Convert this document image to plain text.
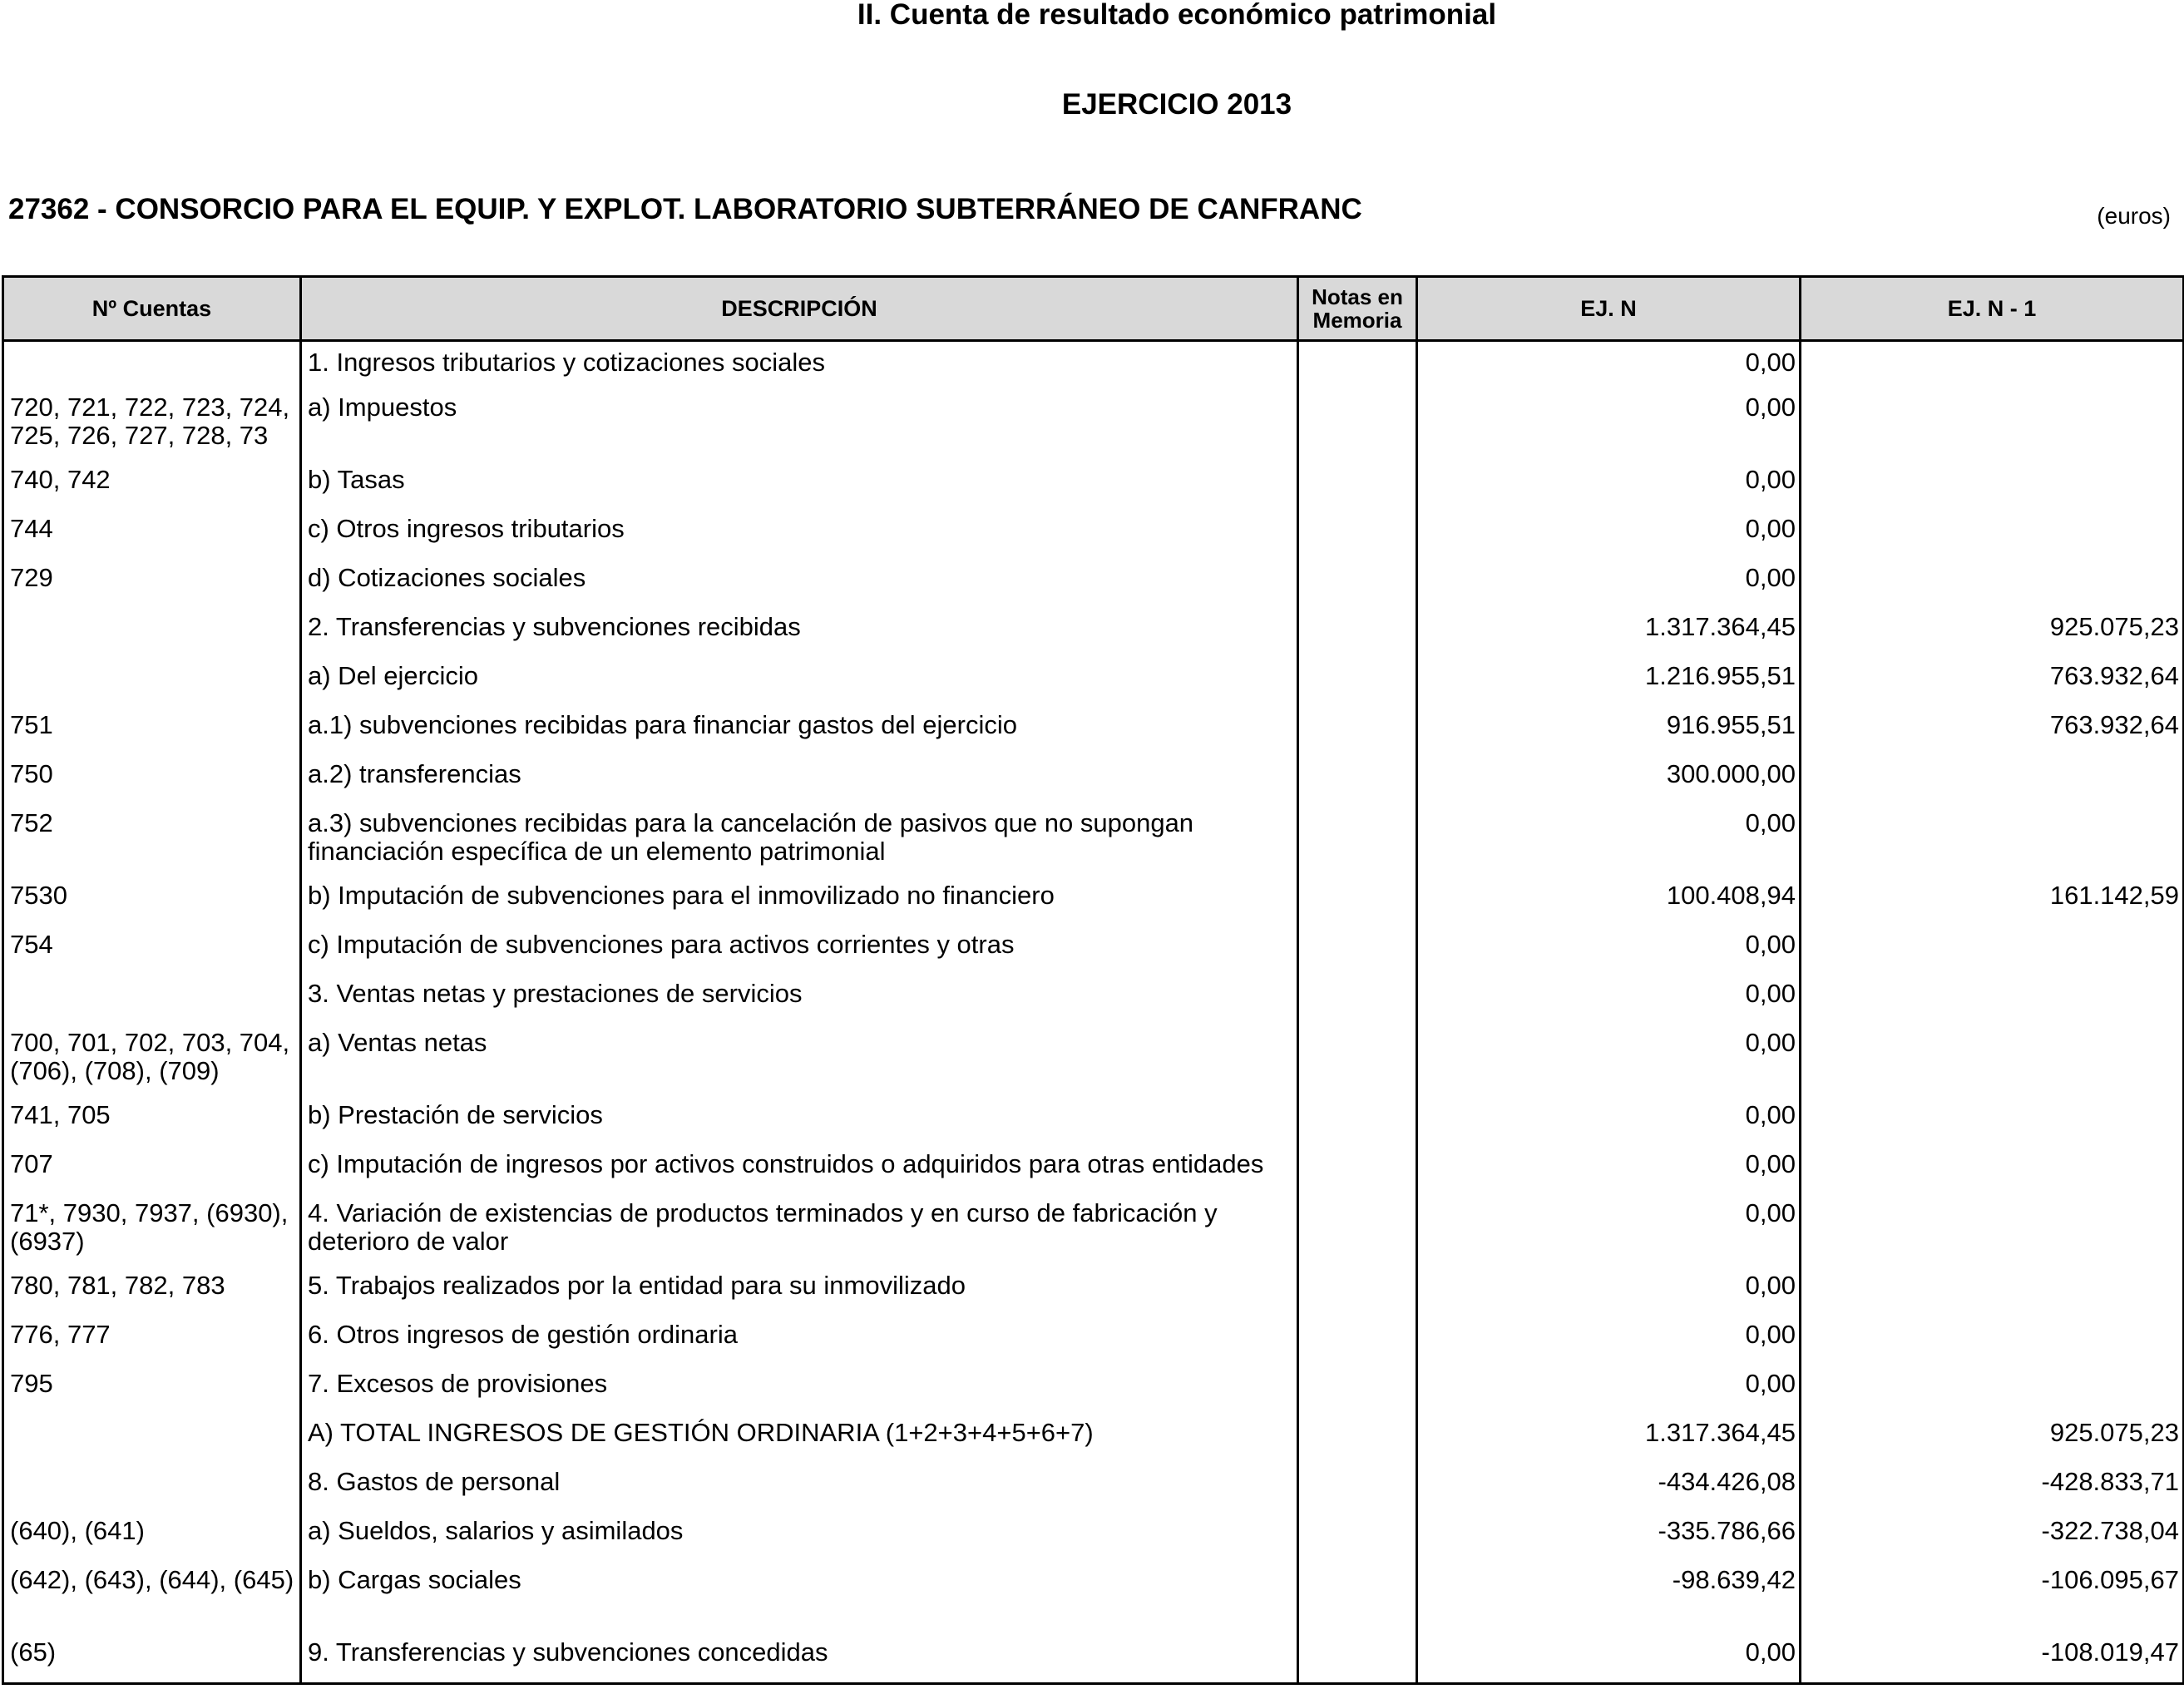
II. Cuenta de resultado económico patrimonial
EJERCICIO 2013
27362 - CONSORCIO PARA EL EQUIP. Y EXPLOT. LABORATORIO SUBTERRÁNEO DE CANFRANC	(euros)
Nº Cuentas	DESCRIPCIÓN	Notas en Memoria	EJ. N	EJ. N - 1
	1. Ingresos tributarios y cotizaciones sociales		0,00	
720, 721, 722, 723, 724, 725, 726, 727, 728, 73	a) Impuestos		0,00	
740, 742	b) Tasas		0,00	
744	c) Otros ingresos tributarios		0,00	
729	d) Cotizaciones sociales		0,00	
	2. Transferencias y subvenciones recibidas		1.317.364,45	925.075,23
	a) Del ejercicio		1.216.955,51	763.932,64
751	a.1) subvenciones recibidas para financiar gastos del ejercicio		916.955,51	763.932,64
750	a.2) transferencias		300.000,00	
752	a.3) subvenciones recibidas para la cancelación de pasivos que no supongan financiación específica de un elemento patrimonial		0,00	
7530	b) Imputación de subvenciones para el inmovilizado no financiero		100.408,94	161.142,59
754	c) Imputación de subvenciones para activos corrientes y otras		0,00	
	3. Ventas netas y prestaciones de servicios		0,00	
700, 701, 702, 703, 704, (706), (708), (709)	a) Ventas netas		0,00	
741, 705	b) Prestación de servicios		0,00	
707	c) Imputación de ingresos por activos construidos o adquiridos para otras entidades		0,00	
71*, 7930, 7937, (6930), (6937)	4. Variación de existencias de productos terminados y en curso de fabricación y deterioro de valor		0,00	
780, 781, 782, 783	5. Trabajos realizados por la entidad para su inmovilizado		0,00	
776, 777	6. Otros ingresos de gestión ordinaria		0,00	
795	7. Excesos de provisiones		0,00	
	A) TOTAL INGRESOS DE GESTIÓN ORDINARIA (1+2+3+4+5+6+7)		1.317.364,45	925.075,23
	8. Gastos de personal		-434.426,08	-428.833,71
(640), (641)	a) Sueldos, salarios y asimilados		-335.786,66	-322.738,04
(642), (643), (644), (645)	b) Cargas sociales		-98.639,42	-106.095,67
(65)	9. Transferencias y subvenciones concedidas		0,00	-108.019,47
